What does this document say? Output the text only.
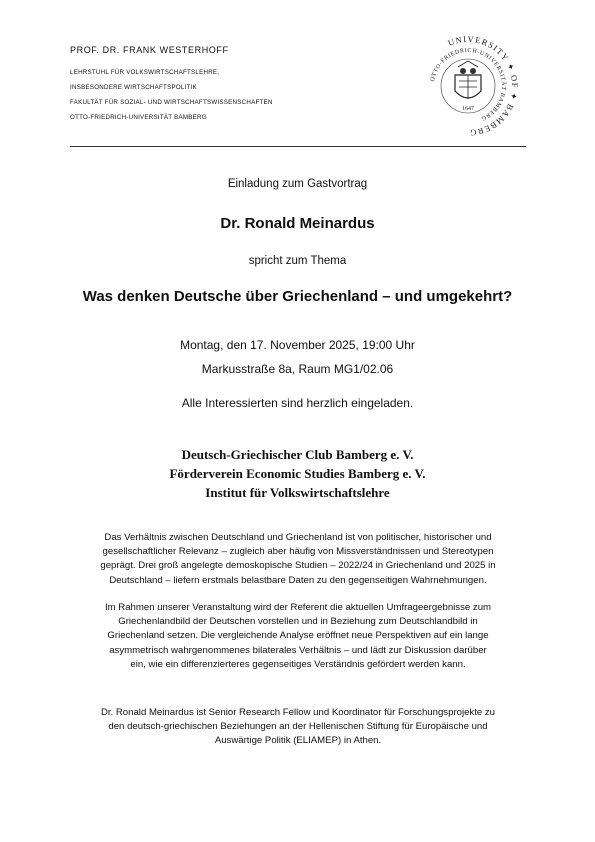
PROF. DR. FRANK WESTERHOFF
LEHRSTUHL FÜR VOLKSWIRTSCHAFTSLEHRE,
INSBESONDERE WIRTSCHAFTSPOLITIK
FAKULTÄT FÜR SOZIAL- UND WIRTSCHAFTSWISSENSCHAFTEN
OTTO-FRIEDRICH-UNIVERSITÄT BAMBERG
UNIVERSITY ✦ OF ✦ BAMBERG
OTTO-FRIEDRICH-UNIVERSITÄT BAMBERG
1647
Einladung zum Gastvortrag
Dr. Ronald Meinardus
spricht zum Thema
Was denken Deutsche über Griechenland – und umgekehrt?
Montag, den 17. November 2025, 19:00 Uhr
Markusstraße 8a, Raum MG1/02.06
Alle Interessierten sind herzlich eingeladen.
Deutsch-Griechischer Club Bamberg e. V.
Förderverein Economic Studies Bamberg e. V.
Institut für Volkswirtschaftslehre
Das Verhältnis zwischen Deutschland und Griechenland ist von politischer, historischer und
gesellschaftlicher Relevanz – zugleich aber häufig von Missverständnissen und Stereotypen
geprägt. Drei groß angelegte demoskopische Studien – 2022/24 in Griechenland und 2025 in
Deutschland – liefern erstmals belastbare Daten zu den gegenseitigen Wahrnehmungen.
Im Rahmen unserer Veranstaltung wird der Referent die aktuellen Umfrageergebnisse zum
Griechenlandbild der Deutschen vorstellen und in Beziehung zum Deutschlandbild in
Griechenland setzen. Die vergleichende Analyse eröffnet neue Perspektiven auf ein lange
asymmetrisch wahrgenommenes bilaterales Verhältnis – und lädt zur Diskussion darüber
ein, wie ein differenzierteres gegenseitiges Verständnis gefördert werden kann.
Dr. Ronald Meinardus ist Senior Research Fellow und Koordinator für Forschungsprojekte zu
den deutsch-griechischen Beziehungen an der Hellenischen Stiftung für Europäische und
Auswärtige Politik (ELIAMEP) in Athen.
